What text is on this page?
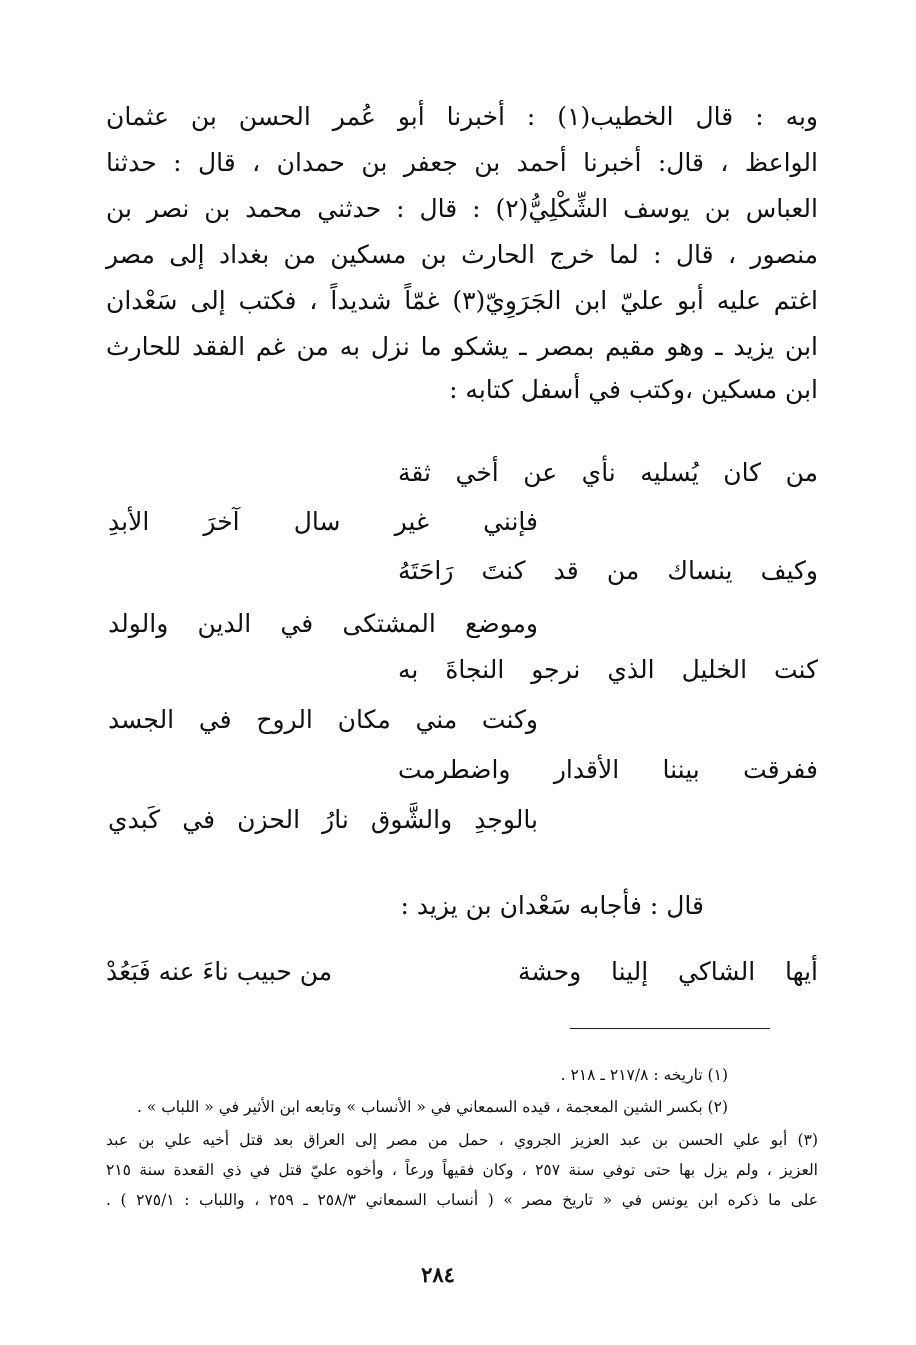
وبه : قال الخطيب(١) : أخبرنا أبو عُمر الحسن بن عثمان
الواعظ ، قال: أخبرنا أحمد بن جعفر بن حمدان ، قال : حدثنا
العباس بن يوسف الشِّكْلِيُّ(٢) : قال : حدثني محمد بن نصر بن
منصور ، قال : لما خرج الحارث بن مسكين من بغداد إلى مصر
اغتم عليه أبو عليّ ابن الجَرَوِيّ(٣) غمّاً شديداً ، فكتب إلى سَعْدان
ابن يزيد ـ وهو مقيم بمصر ـ يشكو ما نزل به من غم الفقد للحارث
ابن مسكين ،وكتب في أسفل كتابه :
من كان يُسليه نأي عن أخي ثقة
فإنني غير سال آخرَ الأبدِ
وكيف ينساك من قد كنتَ رَاحَتَهُ
وموضع المشتكى في الدين والولد
كنت الخليل الذي نرجو النجاةَ به
وكنت مني مكان الروح في الجسد
ففرقت بيننا الأقدار واضطرمت
بالوجدِ والشَّوق نارُ الحزن في كَبدي
قال : فأجابه سَعْدان بن يزيد :
أيها الشاكي إلينا وحشة
من حبيب ناءَ عنه فَبَعُدْ
(١) تاريخه : ٢١٧/٨ ـ ٢١٨ .
(٢) بكسر الشين المعجمة ، قيده السمعاني في « الأنساب » وتابعه ابن الأثير في « اللباب » .
(٣) أبو علي الحسن بن عبد العزيز الجروي ، حمل من مصر إلى العراق بعد قتل أخيه علي بن عبد
العزيز ، ولم يزل بها حتى توفي سنة ٢٥٧ ، وكان فقيهاً ورعاً ، وأخوه عليّ قتل في ذي القعدة سنة ٢١٥
على ما ذكره ابن يونس في « تاريخ مصر » ( أنساب السمعاني ٢٥٨/٣ ـ ٢٥٩ ، واللباب : ٢٧٥/١ ) .
٢٨٤
